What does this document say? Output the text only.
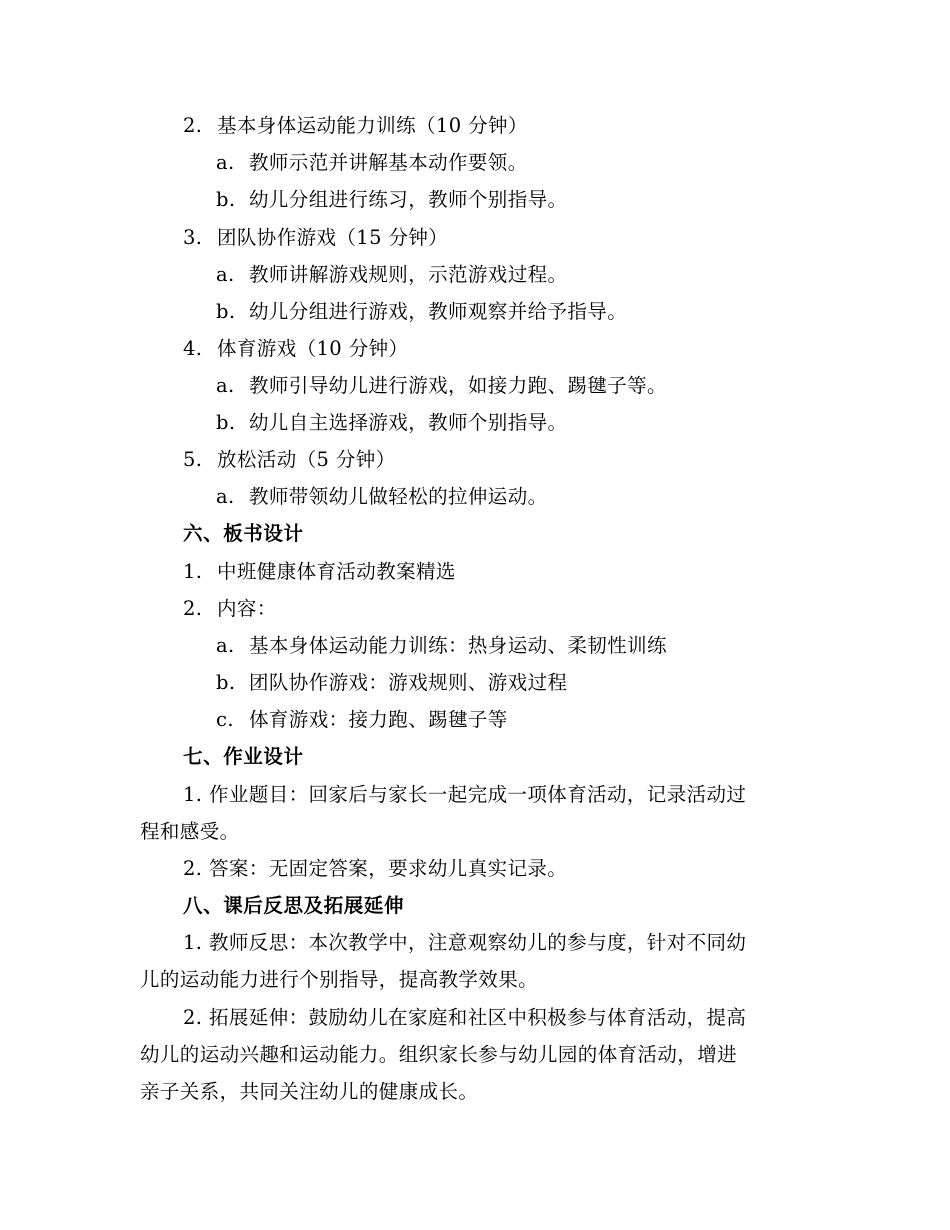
2. 基本身体运动能力训练（10 分钟）
a. 教师示范并讲解基本动作要领。
b. 幼儿分组进行练习，教师个别指导。
3. 团队协作游戏（15 分钟）
a. 教师讲解游戏规则，示范游戏过程。
b. 幼儿分组进行游戏，教师观察并给予指导。
4. 体育游戏（10 分钟）
a. 教师引导幼儿进行游戏，如接力跑、踢毽子等。
b. 幼儿自主选择游戏，教师个别指导。
5. 放松活动（5 分钟）
a. 教师带领幼儿做轻松的拉伸运动。
六、板书设计
1. 中班健康体育活动教案精选
2. 内容：
a. 基本身体运动能力训练：热身运动、柔韧性训练
b. 团队协作游戏：游戏规则、游戏过程
c. 体育游戏：接力跑、踢毽子等
七、作业设计
1. 作业题目：回家后与家长一起完成一项体育活动，记录活动过
程和感受。
2. 答案：无固定答案，要求幼儿真实记录。
八、课后反思及拓展延伸
1. 教师反思：本次教学中，注意观察幼儿的参与度，针对不同幼
儿的运动能力进行个别指导，提高教学效果。
2. 拓展延伸：鼓励幼儿在家庭和社区中积极参与体育活动，提高
幼儿的运动兴趣和运动能力。组织家长参与幼儿园的体育活动，增进
亲子关系，共同关注幼儿的健康成长。
